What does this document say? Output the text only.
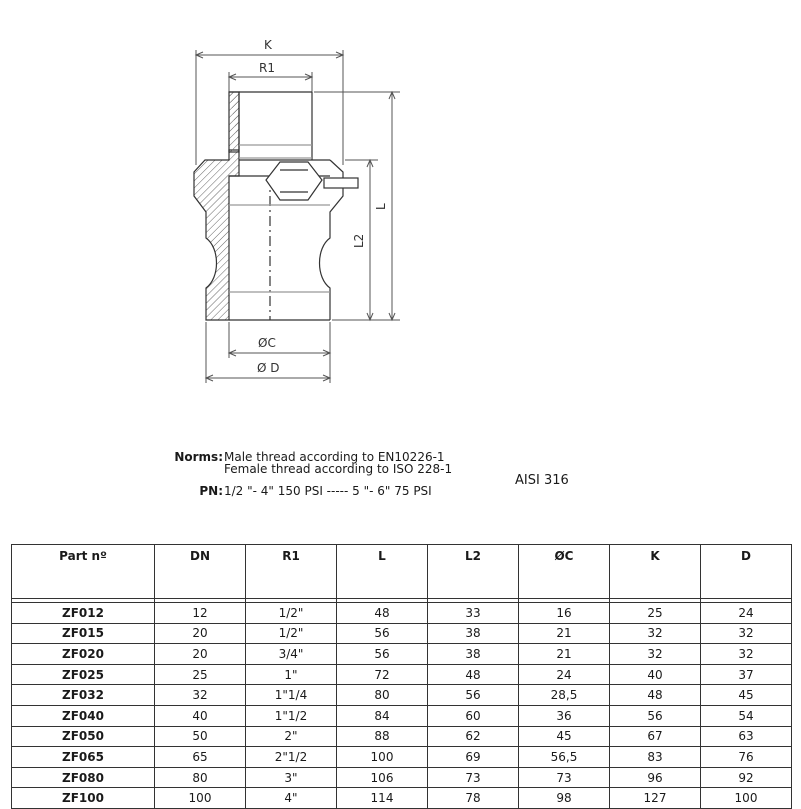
K
R1
L
L2
ØC
Ø D
Norms: Male thread according to EN10226-1
Female thread according to ISO 228-1
PN: 1/2 "- 4" 150 PSI ----- 5 "- 6" 75 PSI
AISI 316
Part nº	DN	R1	L	L2	ØC	K	D

ZF012	12	1/2"	48	33	16	25	24
ZF015	20	1/2"	56	38	21	32	32
ZF020	20	3/4"	56	38	21	32	32
ZF025	25	1"	72	48	24	40	37
ZF032	32	1"1/4	80	56	28,5	48	45
ZF040	40	1"1/2	84	60	36	56	54
ZF050	50	2"	88	62	45	67	63
ZF065	65	2"1/2	100	69	56,5	83	76
ZF080	80	3"	106	73	73	96	92
ZF100	100	4"	114	78	98	127	100
